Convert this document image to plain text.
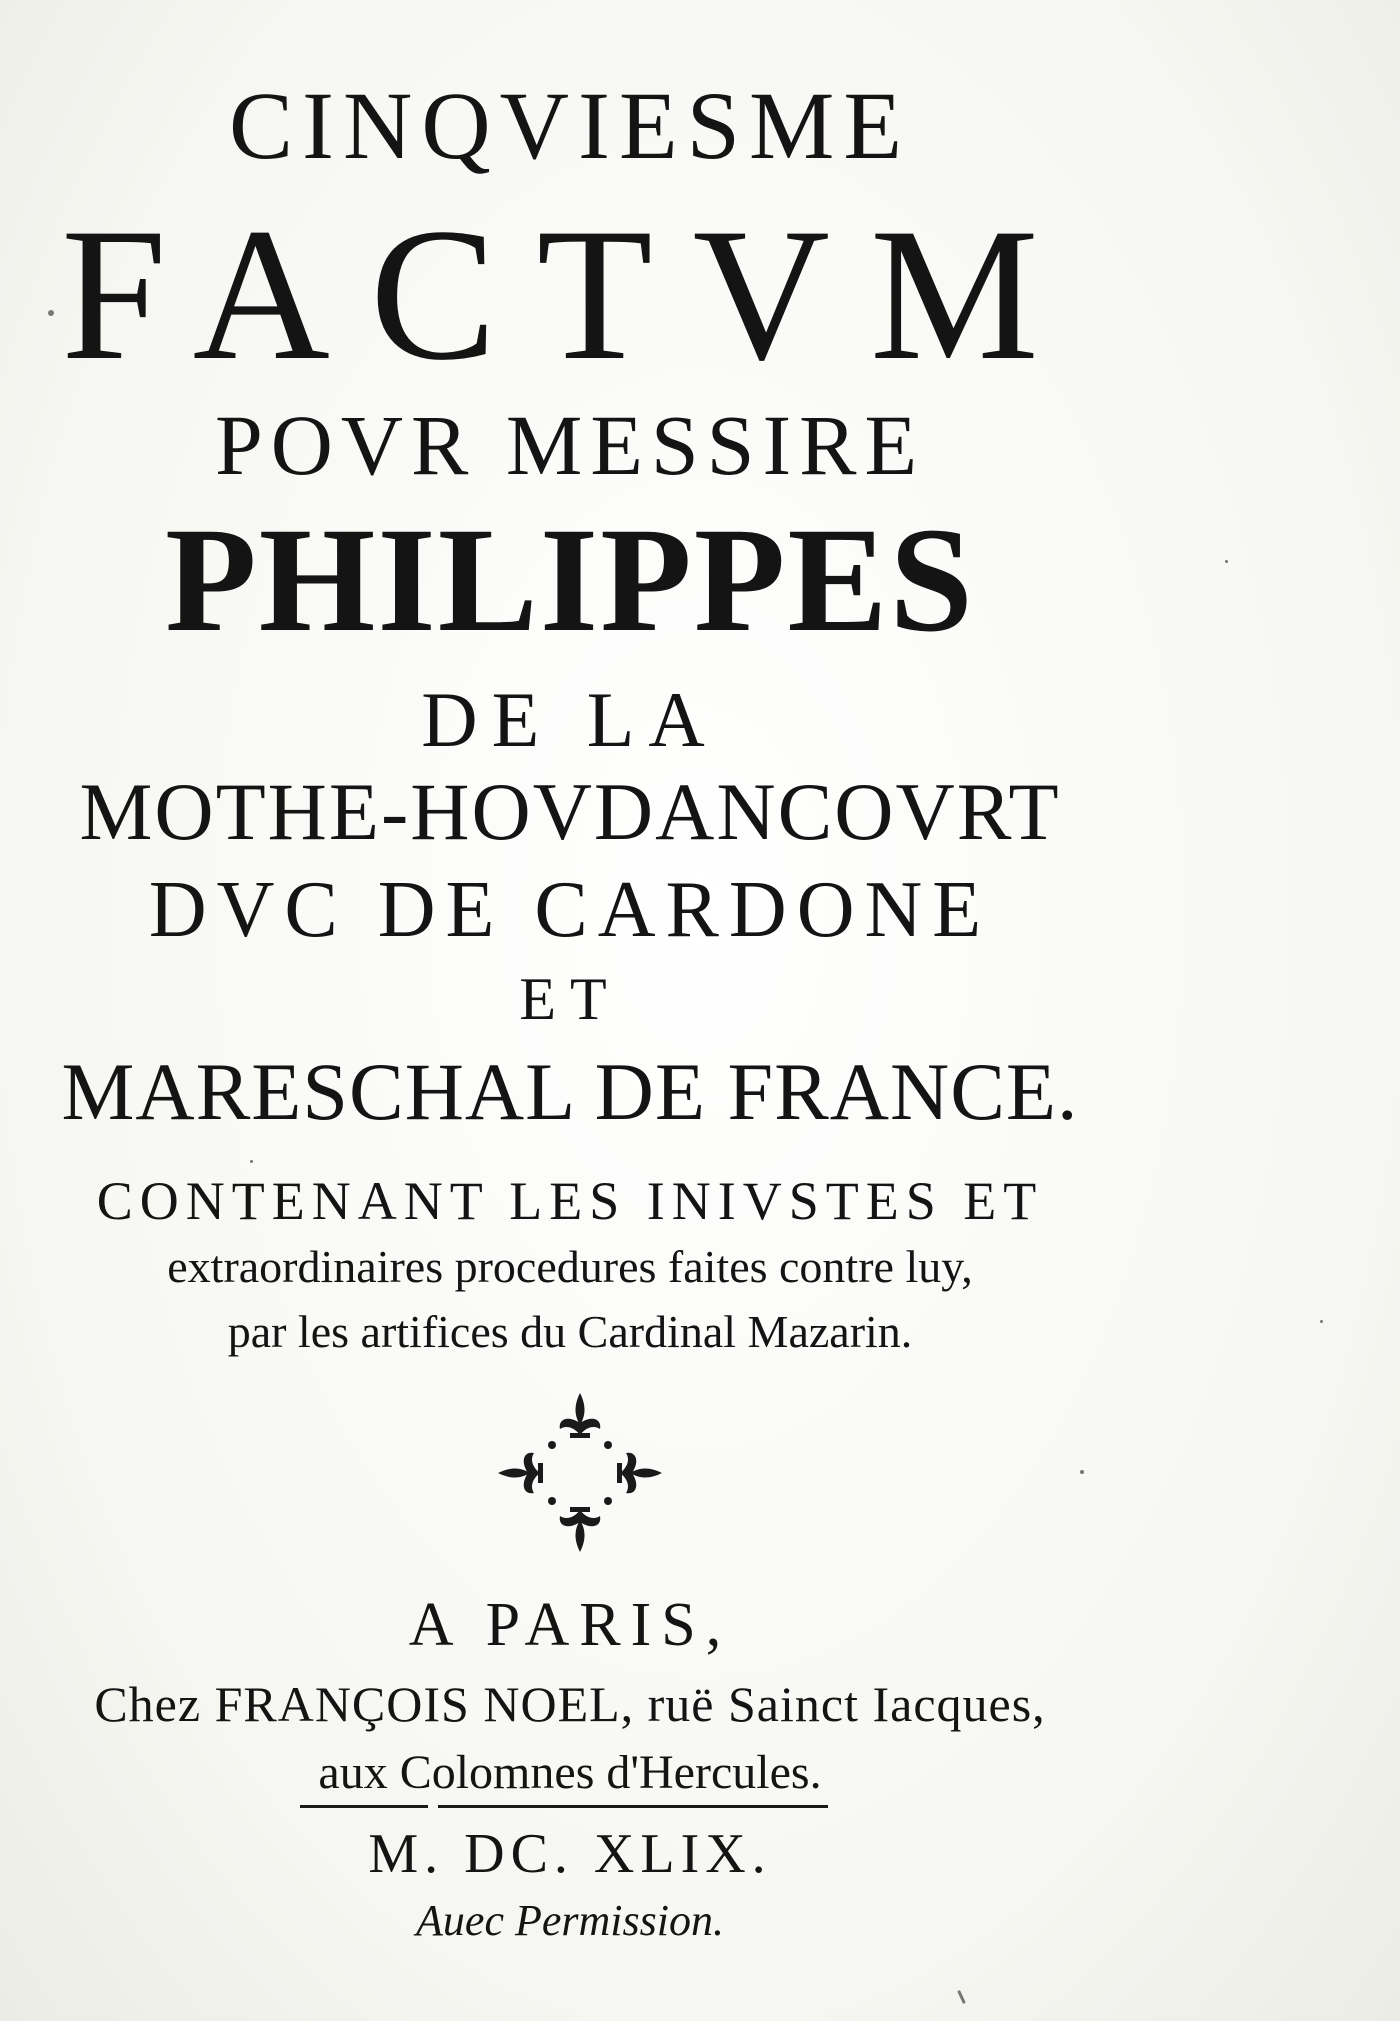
CINQVIESME
FACTVM
POVR MESSIRE
PHILIPPES
DE LA
MOTHE-HOVDANCOVRT
DVC DE CARDONE
ET
MARESCHAL DE FRANCE.
CONTENANT LES INIVSTES ET
extraordinaires procedures faites contre luy,
par les artifices du Cardinal Mazarin.
A PARIS,
Chez FRANÇOIS NOEL, ruë Sainct Iacques,
aux Colomnes d'Hercules.
M. DC. XLIX.
Auec Permission.
